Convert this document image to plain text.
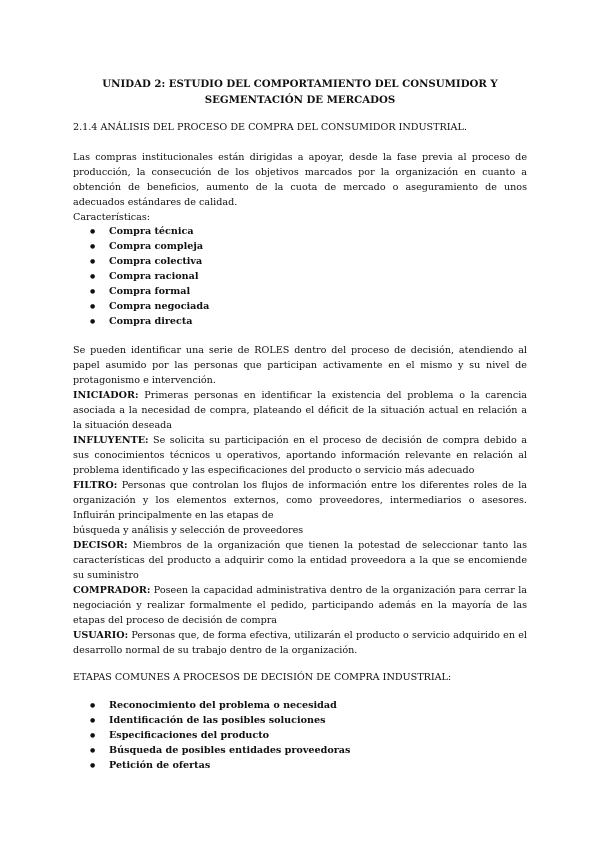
UNIDAD 2: ESTUDIO DEL COMPORTAMIENTO DEL CONSUMIDOR Y
SEGMENTACIÓN DE MERCADOS
2.1.4 ANÁLISIS DEL PROCESO DE COMPRA DEL CONSUMIDOR INDUSTRIAL.

Las compras institucionales están dirigidas a apoyar, desde la fase previa al proceso de producción, la consecución de los objetivos marcados por la organización en cuanto a obtención de beneficios, aumento de la cuota de mercado o aseguramiento de unos adecuados estándares de calidad.

Características:

● Compra técnica
● Compra compleja
● Compra colectiva
● Compra racional
● Compra formal
● Compra negociada
● Compra directa

Se pueden identificar una serie de ROLES dentro del proceso de decisión, atendiendo al papel asumido por las personas que participan activamente en el mismo y su nivel de protagonismo e intervención.

INICIADOR: Primeras personas en identificar la existencia del problema o la carencia asociada a la necesidad de compra, plateando el déficit de la situación actual en relación a la situación deseada

INFLUYENTE: Se solicita su participación en el proceso de decisión de compra debido a sus conocimientos técnicos u operativos, aportando información relevante en relación al problema identificado y las especificaciones del producto o servicio más adecuado

FILTRO: Personas que controlan los flujos de información entre los diferentes roles de la organización y los elementos externos, como proveedores, intermediarios o asesores. Influirán principalmente en las etapas de

búsqueda y análisis y selección de proveedores

DECISOR: Miembros de la organización que tienen la potestad de seleccionar tanto las características del producto a adquirir como la entidad proveedora a la que se encomiende su suministro

COMPRADOR: Poseen la capacidad administrativa dentro de la organización para cerrar la negociación y realizar formalmente el pedido, participando además en la mayoría de las etapas del proceso de decisión de compra

USUARIO: Personas que, de forma efectiva, utilizarán el producto o servicio adquirido en el desarrollo normal de su trabajo dentro de la organización.

ETAPAS COMUNES A PROCESOS DE DECISIÓN DE COMPRA INDUSTRIAL:
● Reconocimiento del problema o necesidad
● Identificación de las posibles soluciones
● Especificaciones del producto
● Búsqueda de posibles entidades proveedoras
● Petición de ofertas
